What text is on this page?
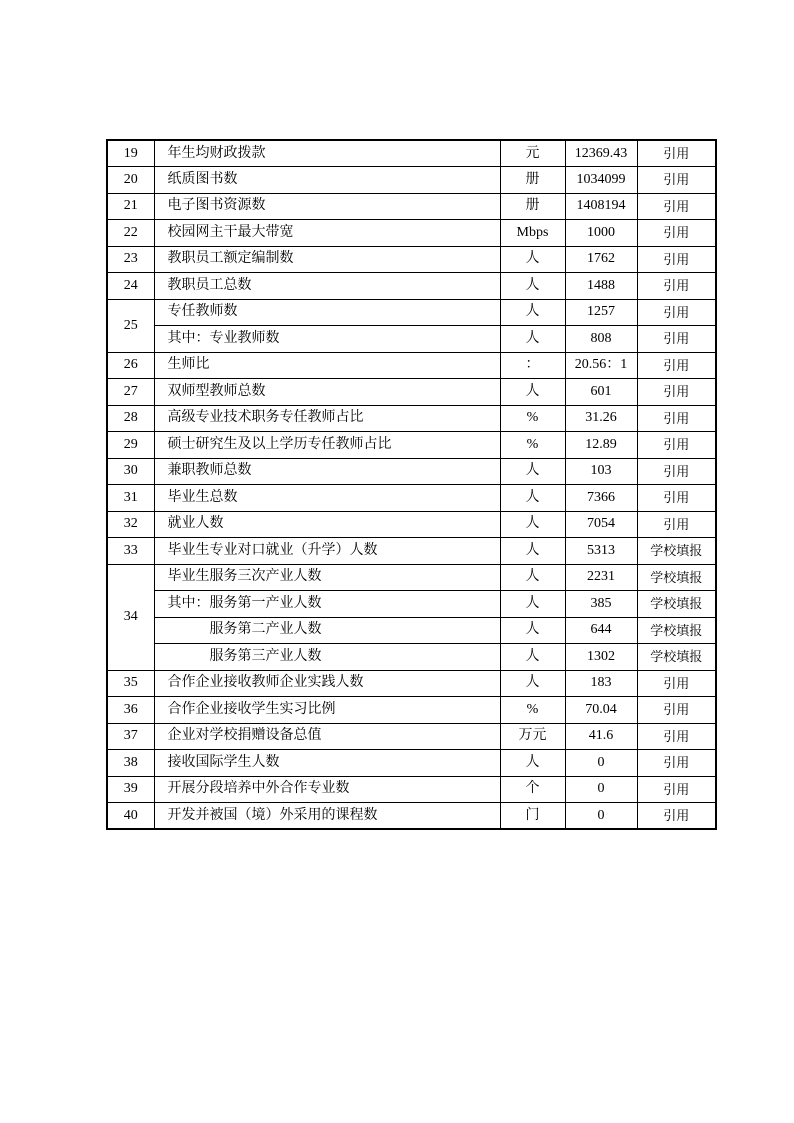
19	年生均财政拨款	元	12369.43	引用
20	纸质图书数	册	1034099	引用
21	电子图书资源数	册	1408194	引用
22	校园网主干最大带宽	Mbps	1000	引用
23	教职员工额定编制数	人	1762	引用
24	教职员工总数	人	1488	引用
25	专任教师数	人	1257	引用
	其中：专业教师数	人	808	引用
26	生师比	：	20.56：1	引用
27	双师型教师总数	人	601	引用
28	高级专业技术职务专任教师占比	%	31.26	引用
29	硕士研究生及以上学历专任教师占比	%	12.89	引用
30	兼职教师总数	人	103	引用
31	毕业生总数	人	7366	引用
32	就业人数	人	7054	引用
33	毕业生专业对口就业（升学）人数	人	5313	学校填报
34	毕业生服务三次产业人数	人	2231	学校填报
	其中：服务第一产业人数	人	385	学校填报
	服务第二产业人数	人	644	学校填报
	服务第三产业人数	人	1302	学校填报
35	合作企业接收教师企业实践人数	人	183	引用
36	合作企业接收学生实习比例	%	70.04	引用
37	企业对学校捐赠设备总值	万元	41.6	引用
38	接收国际学生人数	人	0	引用
39	开展分段培养中外合作专业数	个	0	引用
40	开发并被国（境）外采用的课程数	门	0	引用
